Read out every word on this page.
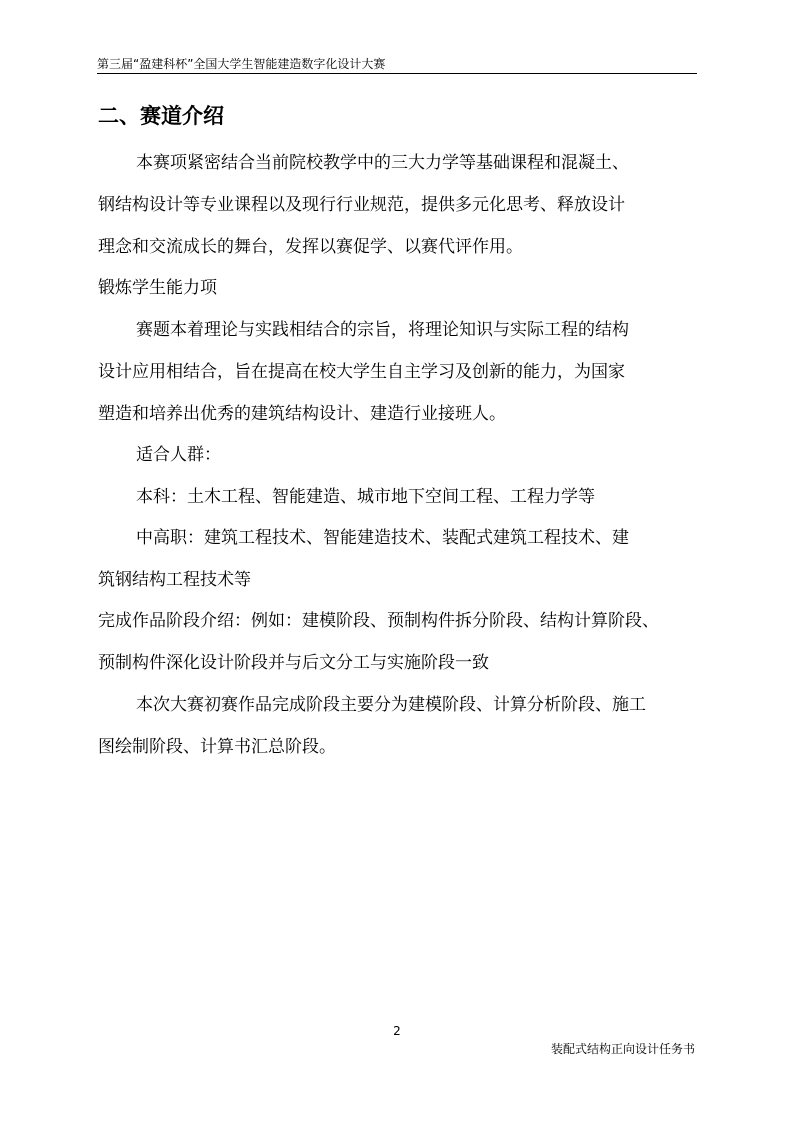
第三届“盈建科杯”全国大学生智能建造数字化设计大赛
二、赛道介绍
本赛项紧密结合当前院校教学中的三大力学等基础课程和混凝土、
钢结构设计等专业课程以及现行行业规范，提供多元化思考、释放设计
理念和交流成长的舞台，发挥以赛促学、以赛代评作用。
锻炼学生能力项
赛题本着理论与实践相结合的宗旨，将理论知识与实际工程的结构
设计应用相结合，旨在提高在校大学生自主学习及创新的能力，为国家
塑造和培养出优秀的建筑结构设计、建造行业接班人。
适合人群：
本科：土木工程、智能建造、城市地下空间工程、工程力学等
中高职：建筑工程技术、智能建造技术、装配式建筑工程技术、建
筑钢结构工程技术等
完成作品阶段介绍：例如：建模阶段、预制构件拆分阶段、结构计算阶段、
预制构件深化设计阶段并与后文分工与实施阶段一致
本次大赛初赛作品完成阶段主要分为建模阶段、计算分析阶段、施工
图绘制阶段、计算书汇总阶段。
2
装配式结构正向设计任务书
